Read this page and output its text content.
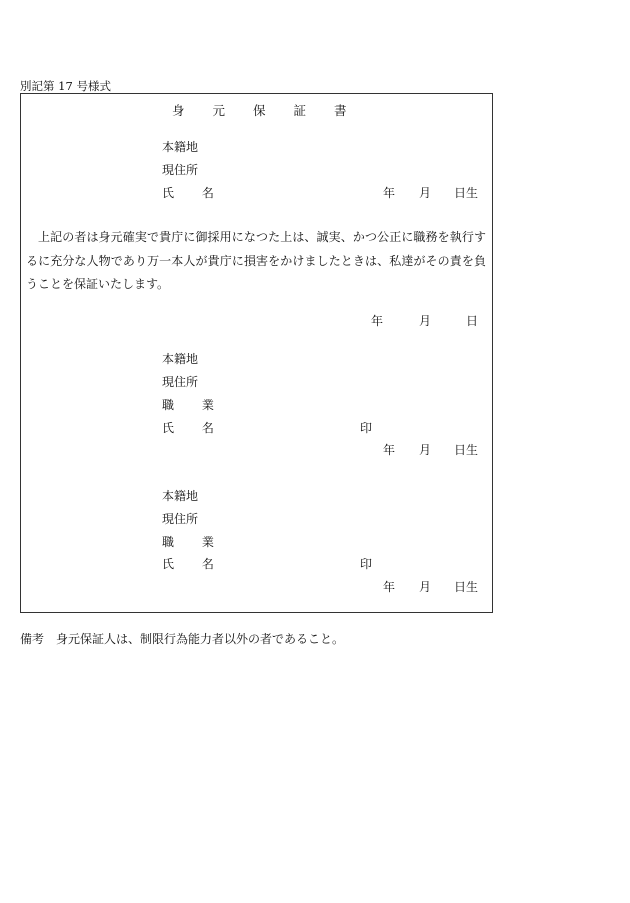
別記第 17 号様式
身元保証書
本籍地
現住所
氏 名	年 月 日生
上記の者は身元確実で貴庁に御採用になつた上は、誠実、かつ公正に職務を執行するに充分な人物であり万一本人が貴庁に損害をかけましたときは、私達がその責を負うことを保証いたします。
年	月	日
本籍地
現住所
職 業
氏 名	印
年 月 日生
本籍地
現住所
職 業
氏 名	印
年 月 日生
備考　身元保証人は、制限行為能力者以外の者であること。
